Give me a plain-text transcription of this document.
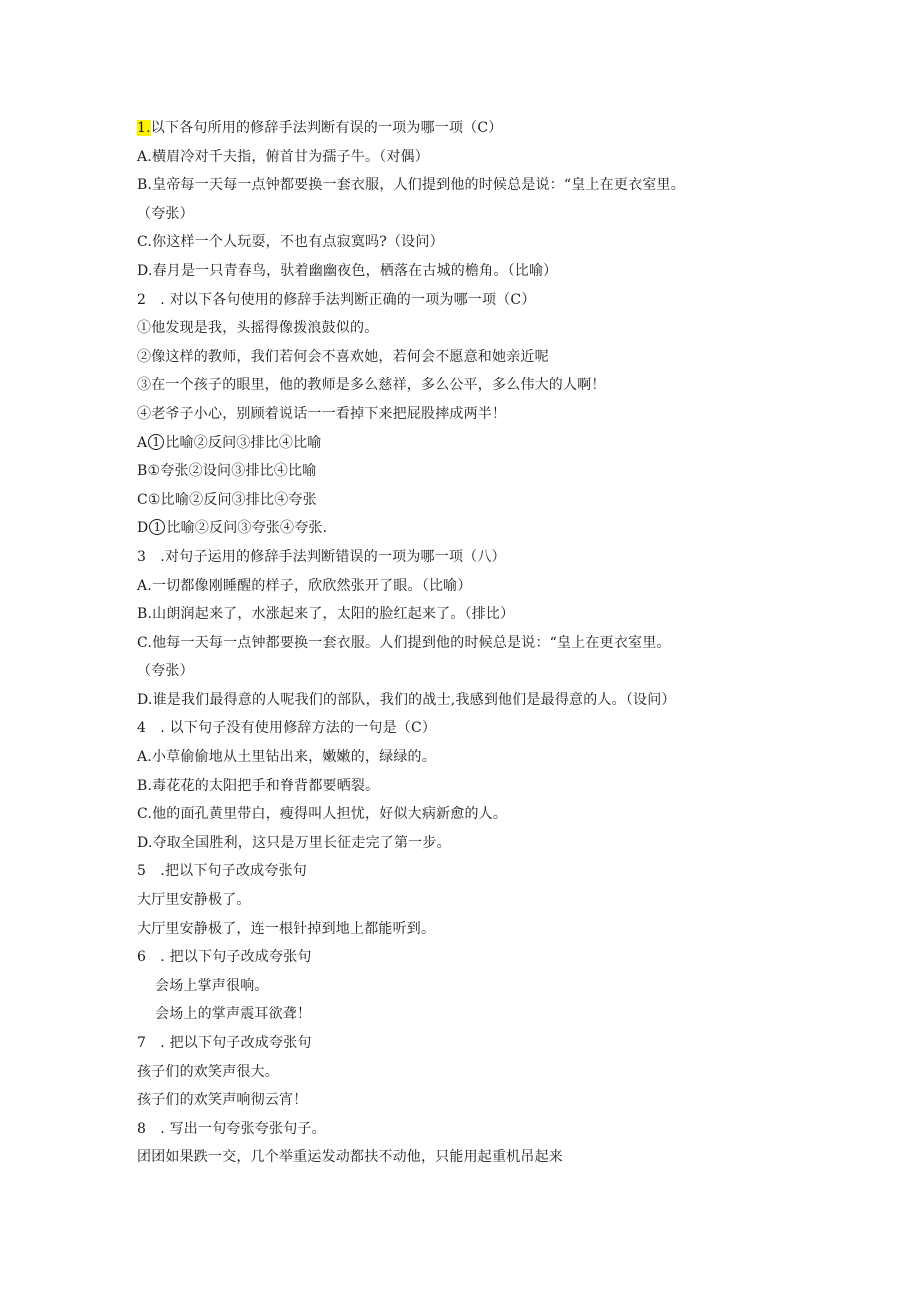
1.以下各句所用的修辞手法判断有误的一项为哪一项（C）
A.横眉冷对千夫指，俯首甘为孺子牛。（对偶）
B.皇帝每一天每一点钟都要换一套衣服，人们提到他的时候总是说：“皇上在更衣室里。
（夸张）
C.你这样一个人玩耍，不也有点寂寞吗?（设问）
D.春月是一只青春鸟，驮着幽幽夜色，栖落在古城的檐角。（比喻）
2　. 对以下各句使用的修辞手法判断正确的一项为哪一项（C）
①他发现是我，头摇得像拨浪鼓似的。
②像这样的教师，我们若何会不喜欢她，若何会不愿意和她亲近呢
③在一个孩子的眼里，他的教师是多么慈祥，多么公平，多么伟大的人啊！
④老爷子小心，别顾着说话一一看掉下来把屁股摔成两半！
A 1 比喻②反问③排比④比喻
B①夸张②设问③排比④比喻
C①比喻②反问③排比④夸张
D 1 比喻②反问③夸张④夸张.
3　.对句子运用的修辞手法判断错误的一项为哪一项（八）
A.一切都像刚睡醒的样子，欣欣然张开了眼。（比喻）
B.山朗润起来了，水涨起来了，太阳的脸红起来了。（排比）
C.他每一天每一点钟都要换一套衣服。人们提到他的时候总是说：“皇上在更衣室里。
（夸张）
D.谁是我们最得意的人呢我们的部队，我们的战士,我感到他们是最得意的人。（设问）
4　. 以下句子没有使用修辞方法的一句是（C）
A.小草偷偷地从土里钻出来，嫩嫩的，绿绿的。
B.毒花花的太阳把手和脊背都要晒裂。
C.他的面孔黄里带白，瘦得叫人担忧，好似大病新愈的人。
D.夺取全国胜利，这只是万里长征走完了第一步。
5　.把以下句子改成夸张句
大厅里安静极了。
大厅里安静极了，连一根针掉到地上都能听到。
6　. 把以下句子改成夸张句
会场上掌声很响。
会场上的掌声震耳欲聋！
7　. 把以下句子改成夸张句
孩子们的欢笑声很大。
孩子们的欢笑声响彻云宵！
8　. 写出一句夸张夸张句子。
团团如果跌一交，几个举重运发动都扶不动他，只能用起重机吊起来
